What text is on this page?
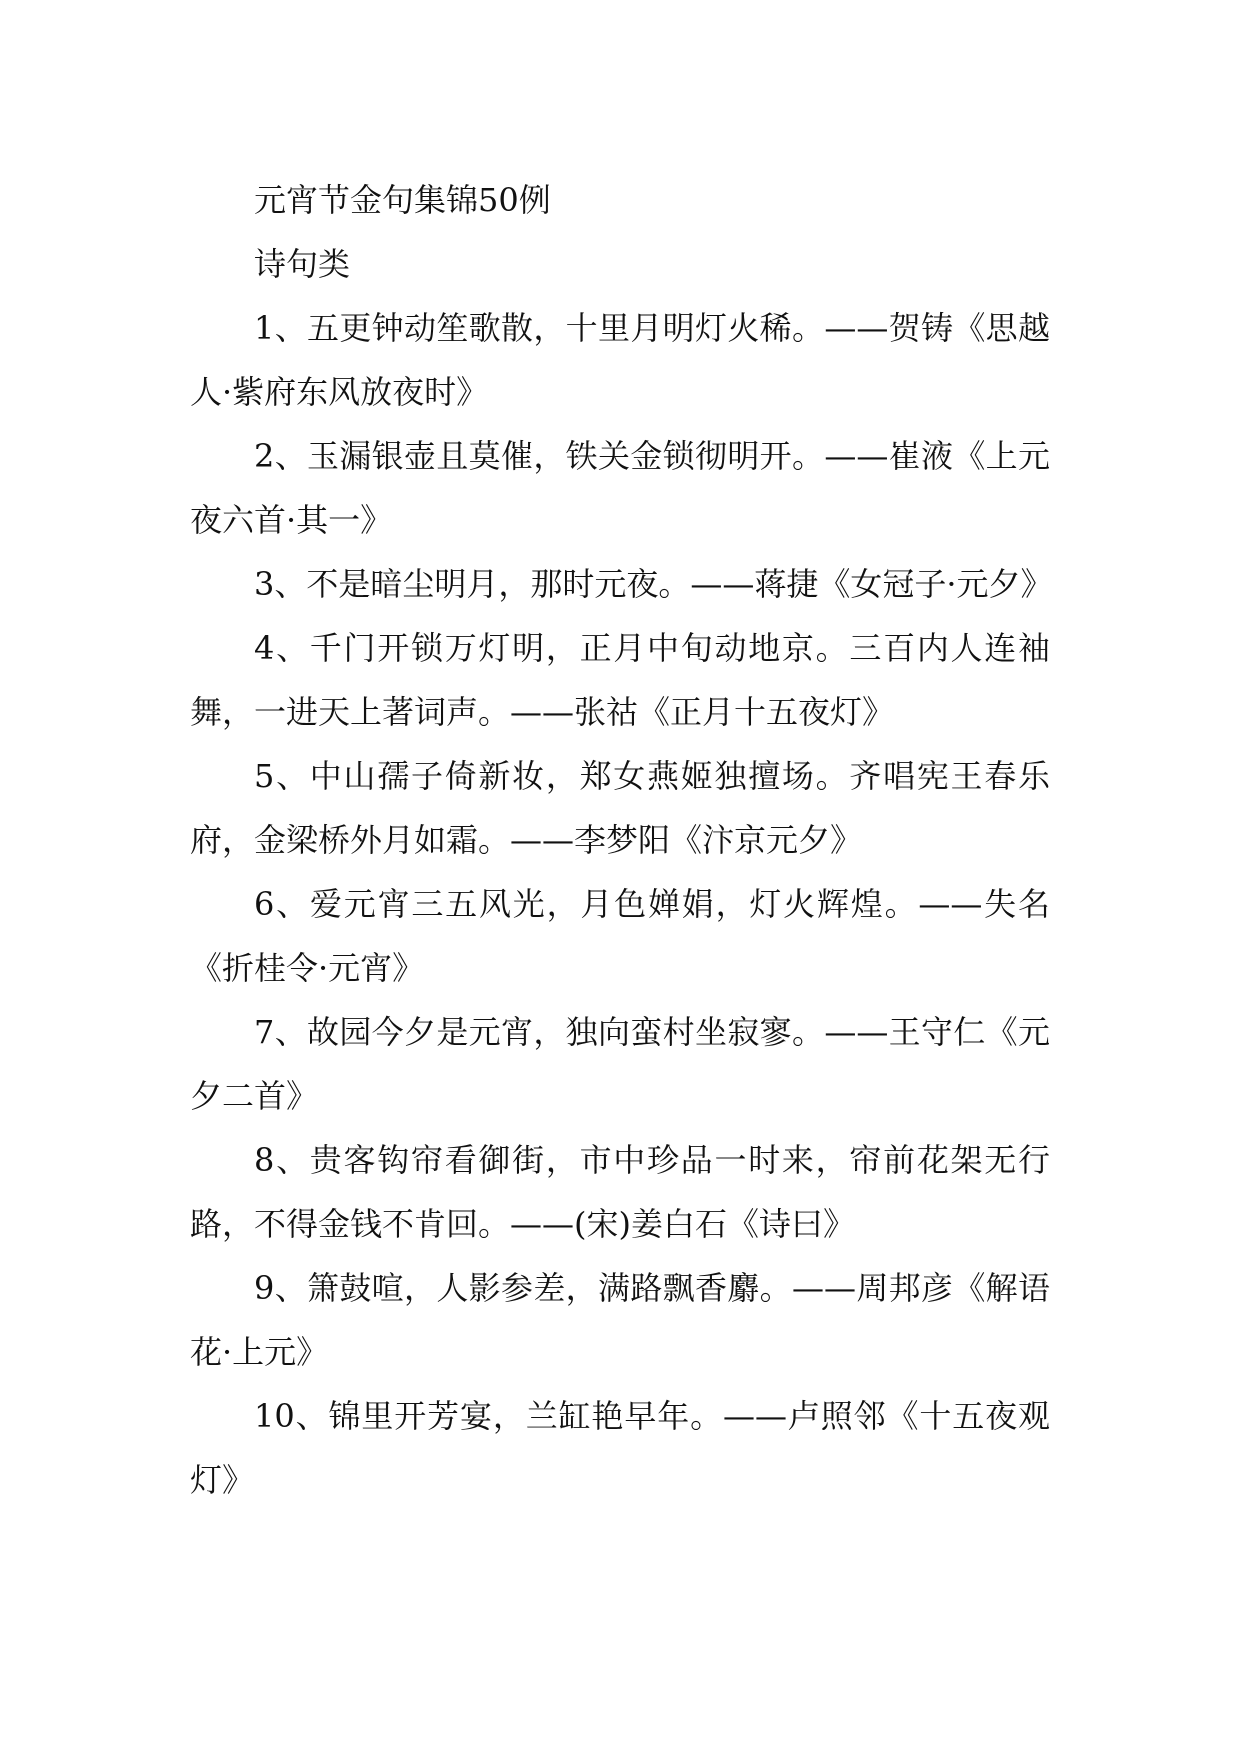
元宵节金句集锦50例

诗句类

1、五更钟动笙歌散，十里月明灯火稀。——贺铸《思越人·紫府东风放夜时》

2、玉漏银壶且莫催，铁关金锁彻明开。——崔液《上元夜六首·其一》

3、不是暗尘明月，那时元夜。——蒋捷《女冠子·元夕》

4、千门开锁万灯明，正月中旬动地京。三百内人连袖舞，一进天上著词声。——张祜《正月十五夜灯》

5、中山孺子倚新妆，郑女燕姬独擅场。齐唱宪王春乐府，金梁桥外月如霜。——李梦阳《汴京元夕》

6、爱元宵三五风光，月色婵娟，灯火辉煌。——失名《折桂令·元宵》

7、故园今夕是元宵，独向蛮村坐寂寥。——王守仁《元夕二首》

8、贵客钩帘看御街，市中珍品一时来，帘前花架无行路，不得金钱不肯回。——(宋)姜白石《诗曰》

9、箫鼓喧，人影参差，满路飘香麝。——周邦彦《解语花·上元》

10、锦里开芳宴，兰缸艳早年。——卢照邻《十五夜观灯》
